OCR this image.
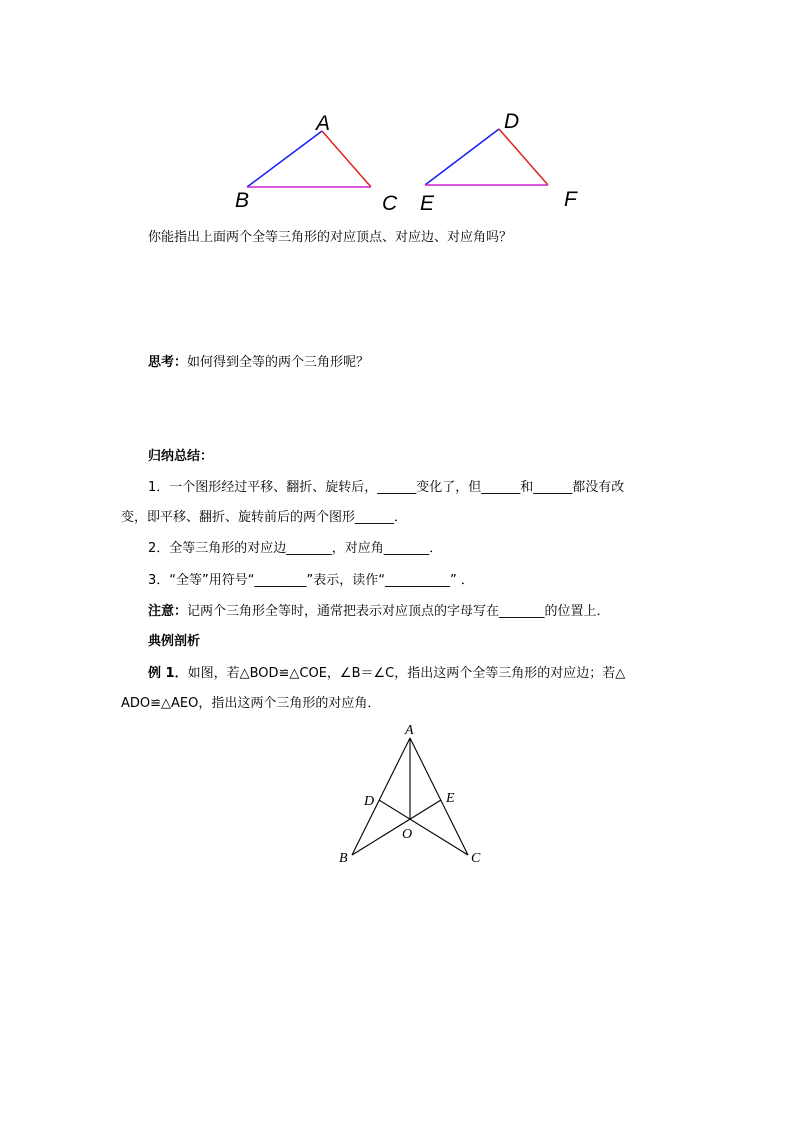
A
B	C
D
E	F
A
B	C
D	E
O
你能指出上面两个全等三角形的对应顶点、对应边、对应角吗？
思考：如何得到全等的两个三角形呢？
归纳总结：
1．一个图形经过平移、翻折、旋转后，______变化了，但______和______都没有改
变，即平移、翻折、旋转前后的两个图形______．
2．全等三角形的对应边_______，对应角_______．
3．“全等”用符号“________”表示，读作“__________” ．
注意：记两个三角形全等时，通常把表示对应顶点的字母写在_______的位置上．
典例剖析
例 1．如图，若△BOD≌△COE，∠B＝∠C，指出这两个全等三角形的对应边；若△
ADO≌△AEO，指出这两个三角形的对应角．
